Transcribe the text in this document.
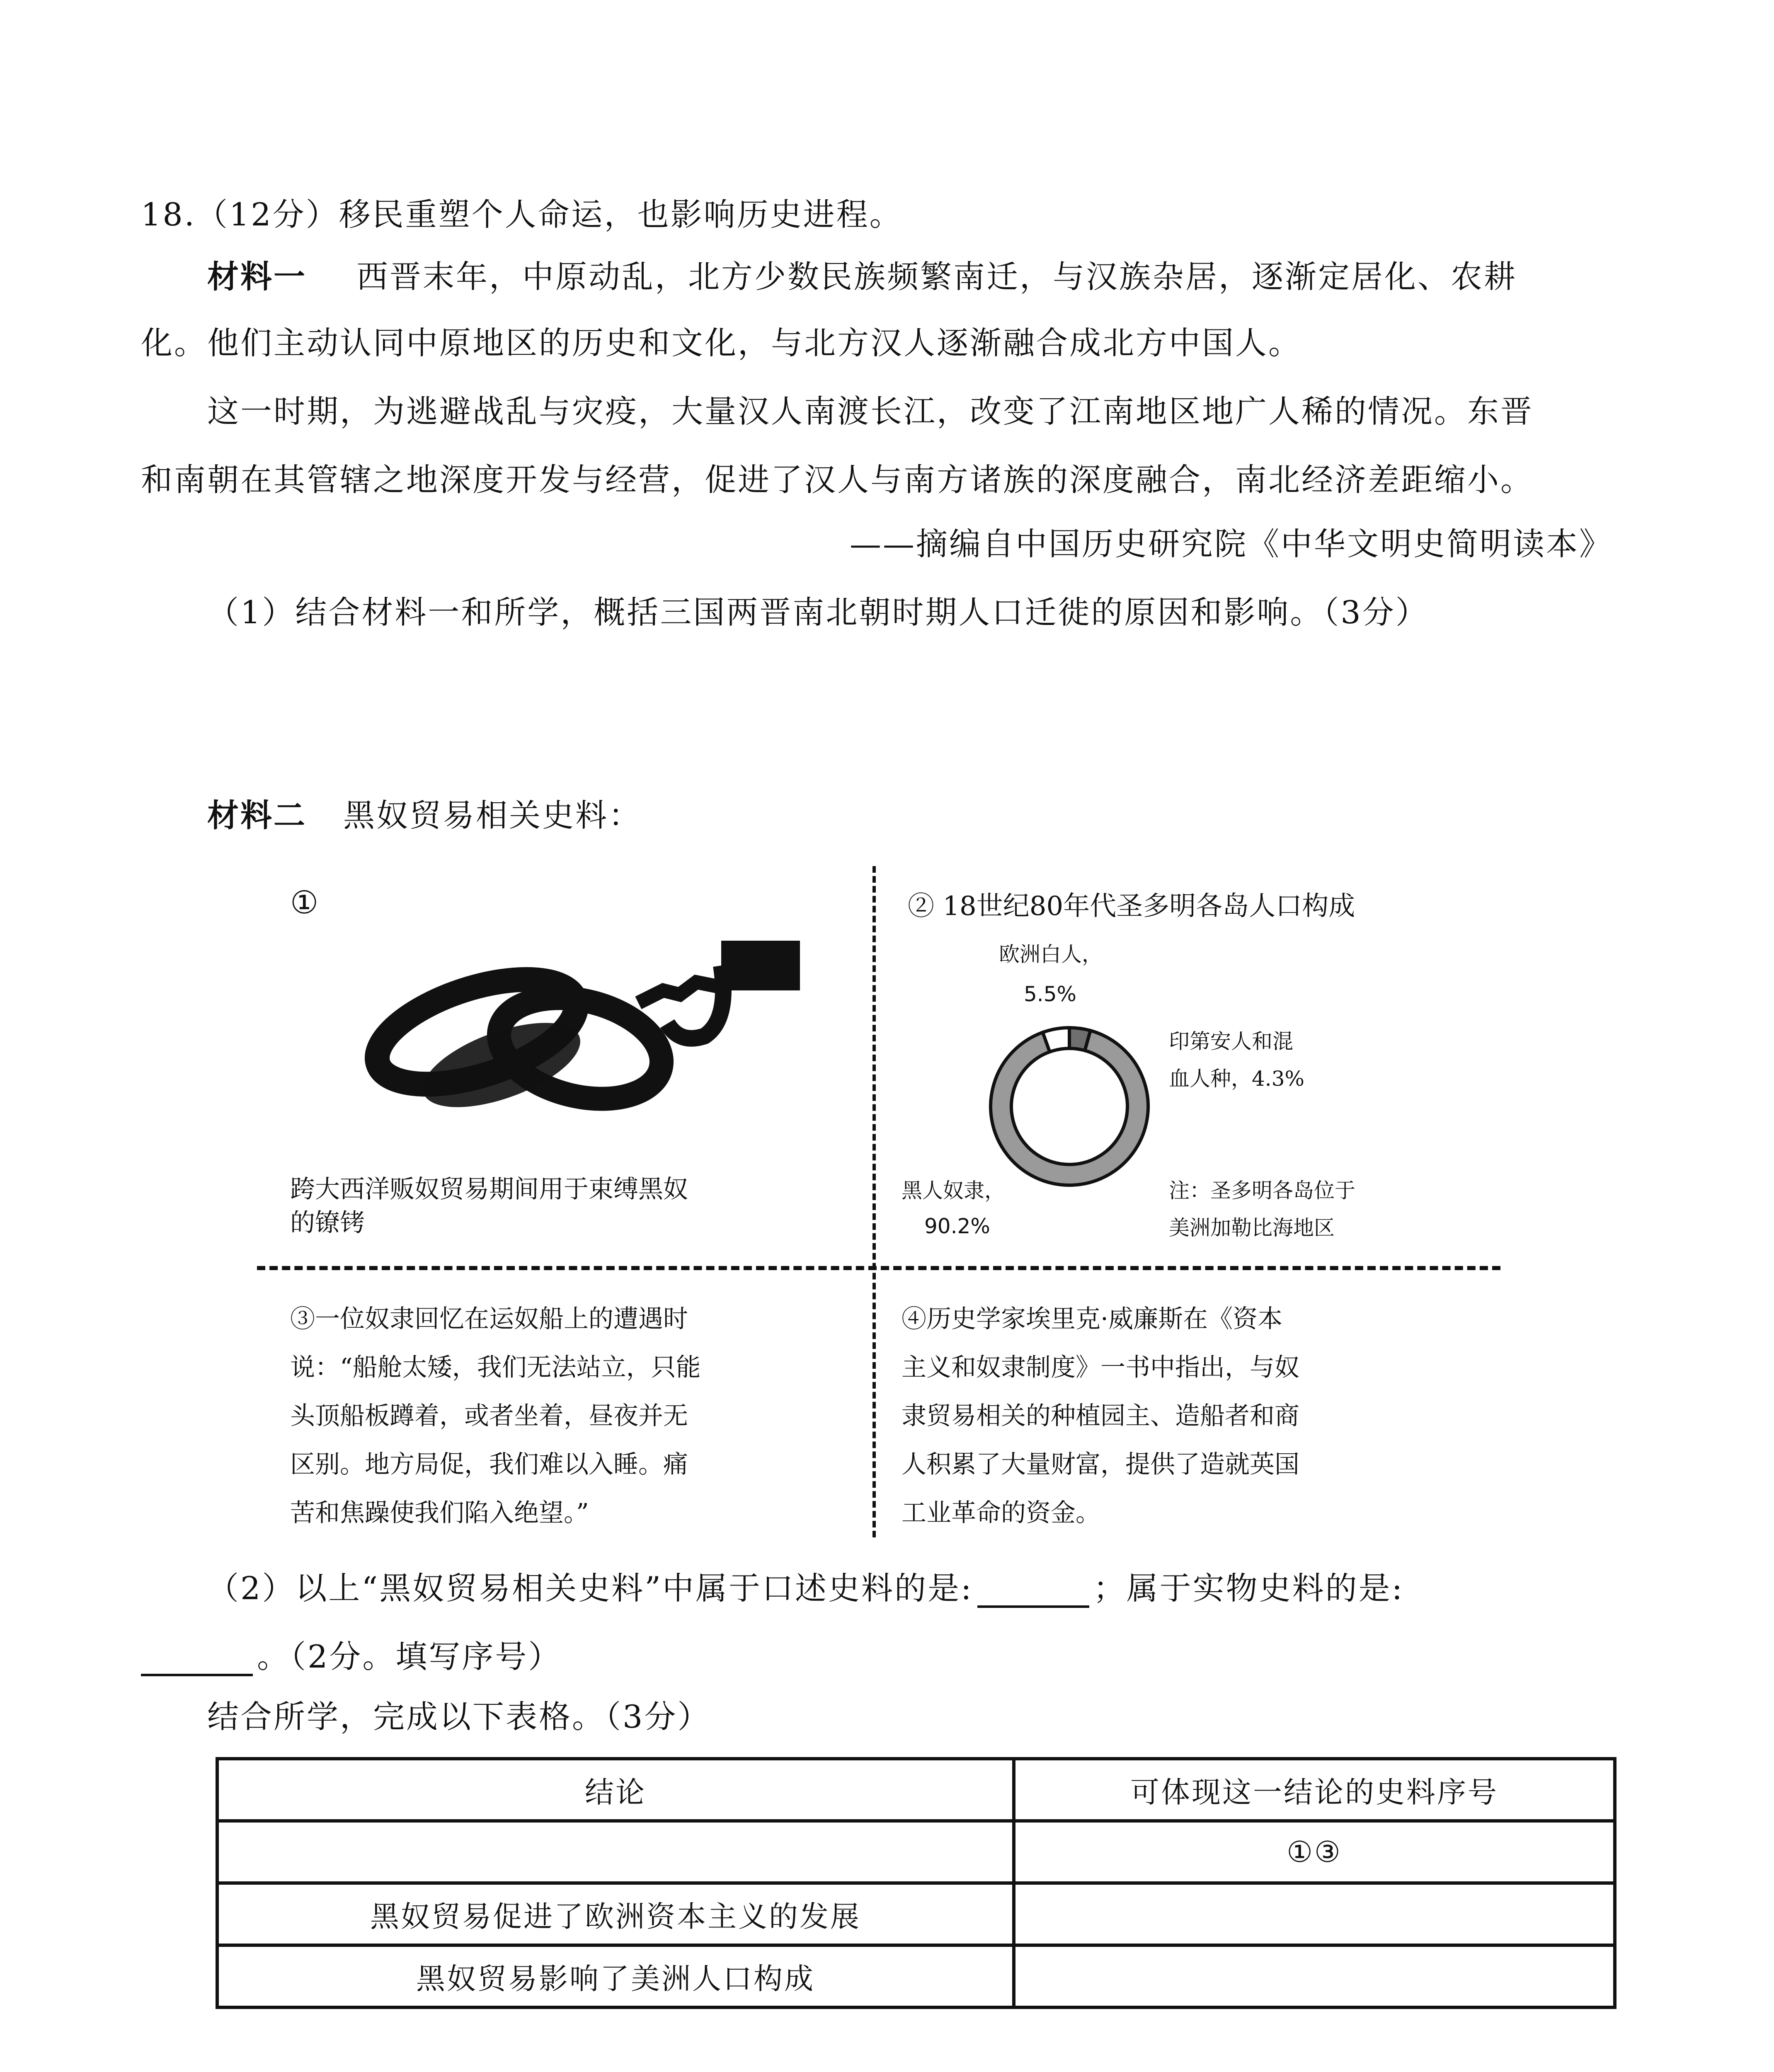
18.（12分）移民重塑个人命运，也影响历史进程。
材料一 西晋末年，中原动乱，北方少数民族频繁南迁，与汉族杂居，逐渐定居化、农耕
化。他们主动认同中原地区的历史和文化，与北方汉人逐渐融合成北方中国人。
这一时期，为逃避战乱与灾疫，大量汉人南渡长江，改变了江南地区地广人稀的情况。东晋
和南朝在其管辖之地深度开发与经营，促进了汉人与南方诸族的深度融合，南北经济差距缩小。
——摘编自中国历史研究院《中华文明史简明读本》
（1）结合材料一和所学，概括三国两晋南北朝时期人口迁徙的原因和影响。（3分）
材料二 黑奴贸易相关史料：
①
跨大西洋贩奴贸易期间用于束缚黑奴
的镣铐
② 18世纪80年代圣多明各岛人口构成
欧洲白人，
5.5%
印第安人和混
血人种，4.3%
黑人奴隶，
90.2%
注：圣多明各岛位于
美洲加勒比海地区
③一位奴隶回忆在运奴船上的遭遇时
说：“船舱太矮，我们无法站立，只能
头顶船板蹲着，或者坐着，昼夜并无
区别。地方局促，我们难以入睡。痛
苦和焦躁使我们陷入绝望。”
④历史学家埃里克·威廉斯在《资本
主义和奴隶制度》一书中指出，与奴
隶贸易相关的种植园主、造船者和商
人积累了大量财富，提供了造就英国
工业革命的资金。
（2）以上“黑奴贸易相关史料”中属于口述史料的是:	；属于实物史料的是:
。（2分。填写序号）
结合所学，完成以下表格。（3分）
结论	可体现这一结论的史料序号
	①③
黑奴贸易促进了欧洲资本主义的发展	
黑奴贸易影响了美洲人口构成	
